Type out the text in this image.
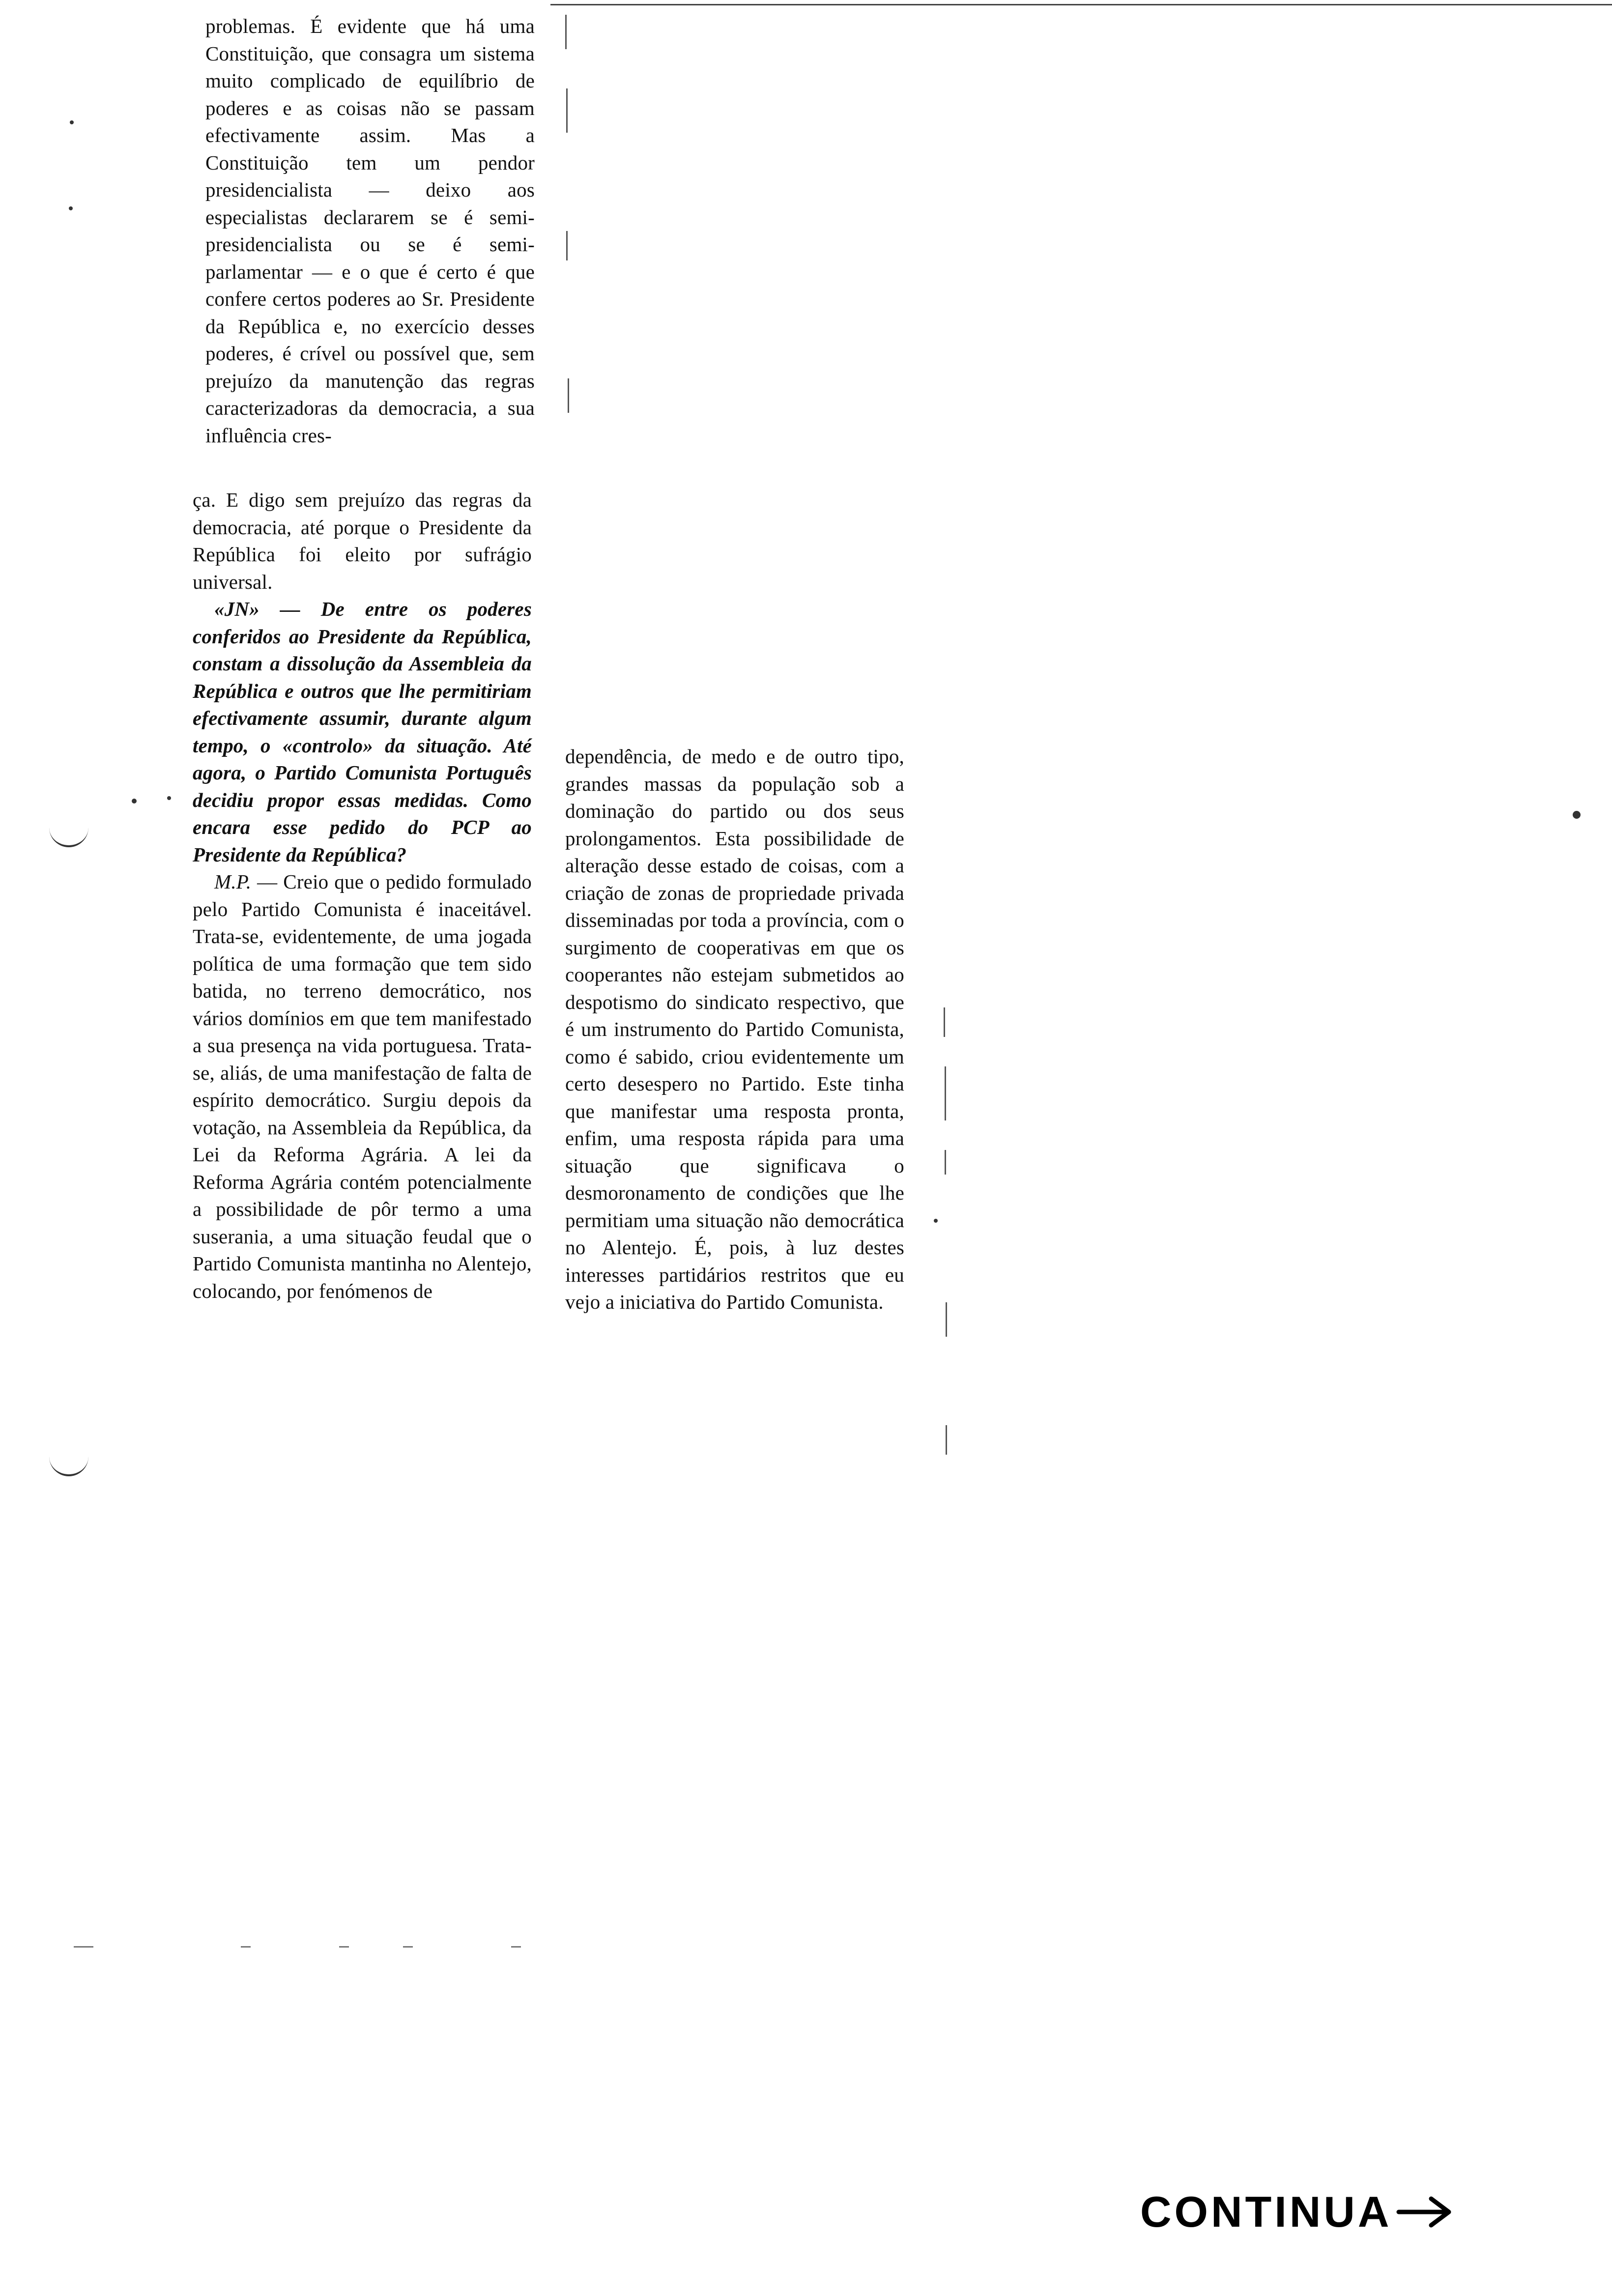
problemas. É evidente que há uma Constituição, que consagra um sistema muito complicado de equilíbrio de poderes e as coisas não se passam efectivamente assim. Mas a Constituição tem um pendor presidencialista — deixo aos especialistas declararem se é semi-presidencialista ou se é semi-parlamentar — e o que é certo é que confere certos poderes ao Sr. Presidente da República e, no exercício desses poderes, é crível ou possível que, sem prejuízo da manutenção das regras caracterizadoras da democracia, a sua influência cres-

ça. E digo sem prejuízo das regras da democracia, até porque o Presidente da República foi eleito por sufrágio universal.

«JN» — De entre os poderes conferidos ao Presidente da República, constam a dissolução da Assembleia da República e outros que lhe permitiriam efectivamente assumir, durante algum tempo, o «controlo» da situação. Até agora, o Partido Comunista Português decidiu propor essas medidas. Como encara esse pedido do PCP ao Presidente da República?

M.P. — Creio que o pedido formulado pelo Partido Comunista é inaceitável. Trata-se, evidentemente, de uma jogada política de uma formação que tem sido batida, no terreno democrático, nos vários domínios em que tem manifestado a sua presença na vida portuguesa. Trata-se, aliás, de uma manifestação de falta de espírito democrático. Surgiu depois da votação, na Assembleia da República, da Lei da Reforma Agrária. A lei da Reforma Agrária contém potencialmente a possibilidade de pôr termo a uma suserania, a uma situação feudal que o Partido Comunista mantinha no Alentejo, colocando, por fenómenos de

dependência, de medo e de outro tipo, grandes massas da população sob a dominação do partido ou dos seus prolongamentos. Esta possibilidade de alteração desse estado de coisas, com a criação de zonas de propriedade privada disseminadas por toda a província, com o surgimento de cooperativas em que os cooperantes não estejam submetidos ao despotismo do sindicato respectivo, que é um instrumento do Partido Comunista, como é sabido, criou evidentemente um certo desespero no Partido. Este tinha que manifestar uma resposta pronta, enfim, uma resposta rápida para uma situação que significava o desmoronamento de condições que lhe permitiam uma situação não democrática no Alentejo. É, pois, à luz destes interesses partidários restritos que eu vejo a iniciativa do Partido Comunista.

CONTINUA
